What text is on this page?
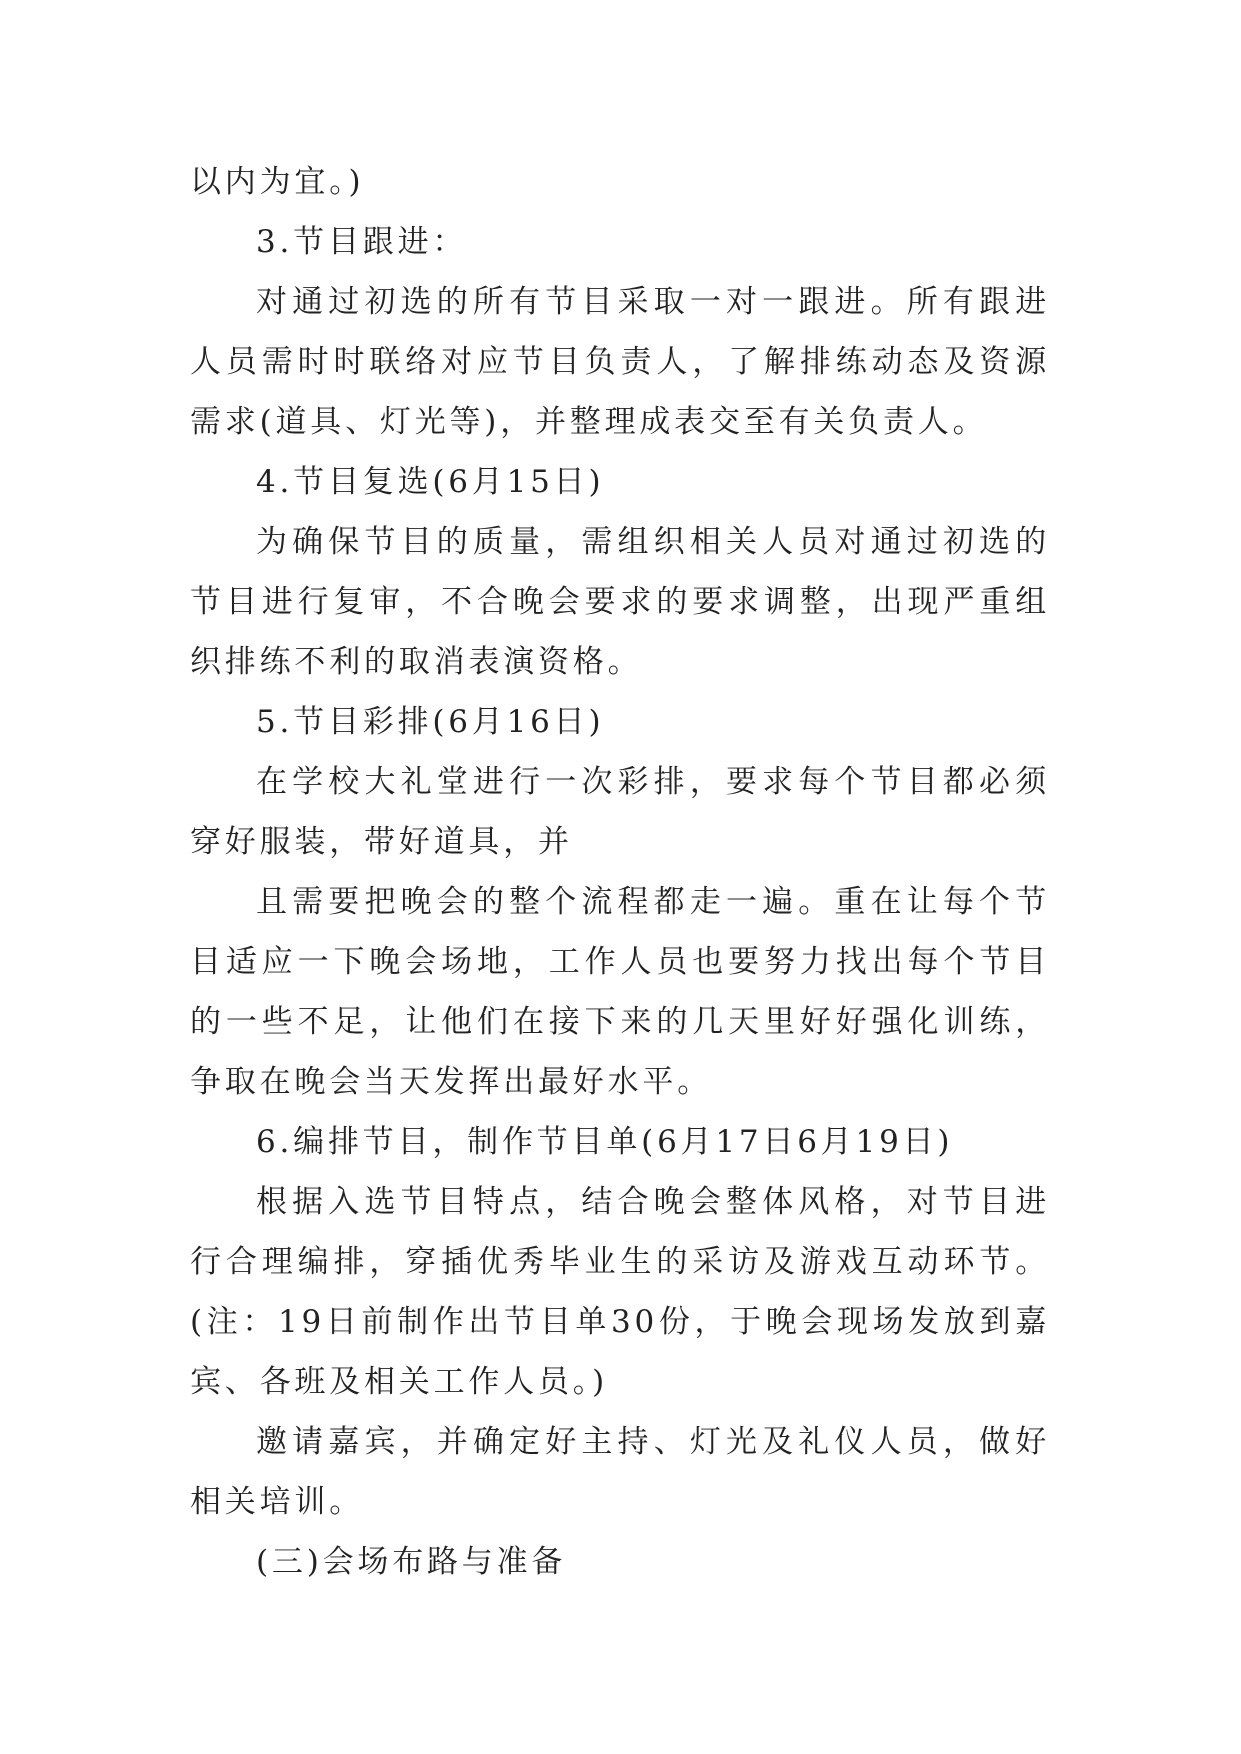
以内为宜。)

3.节目跟进：

对通过初选的所有节目采取一对一跟进。所有跟进人员需时时联络对应节目负责人，了解排练动态及资源需求(道具、灯光等)，并整理成表交至有关负责人。

4.节目复选(6月15日)

为确保节目的质量，需组织相关人员对通过初选的节目进行复审，不合晚会要求的要求调整，出现严重组织排练不利的取消表演资格。

5.节目彩排(6月16日)

在学校大礼堂进行一次彩排，要求每个节目都必须穿好服装，带好道具，并

且需要把晚会的整个流程都走一遍。重在让每个节目适应一下晚会场地，工作人员也要努力找出每个节目的一些不足，让他们在接下来的几天里好好强化训练，争取在晚会当天发挥出最好水平。

6.编排节目，制作节目单(6月17日6月19日)

根据入选节目特点，结合晚会整体风格，对节目进行合理编排，穿插优秀毕业生的采访及游戏互动环节。(注：19日前制作出节目单30份，于晚会现场发放到嘉宾、各班及相关工作人员。)

邀请嘉宾，并确定好主持、灯光及礼仪人员，做好相关培训。

(三)会场布路与准备
